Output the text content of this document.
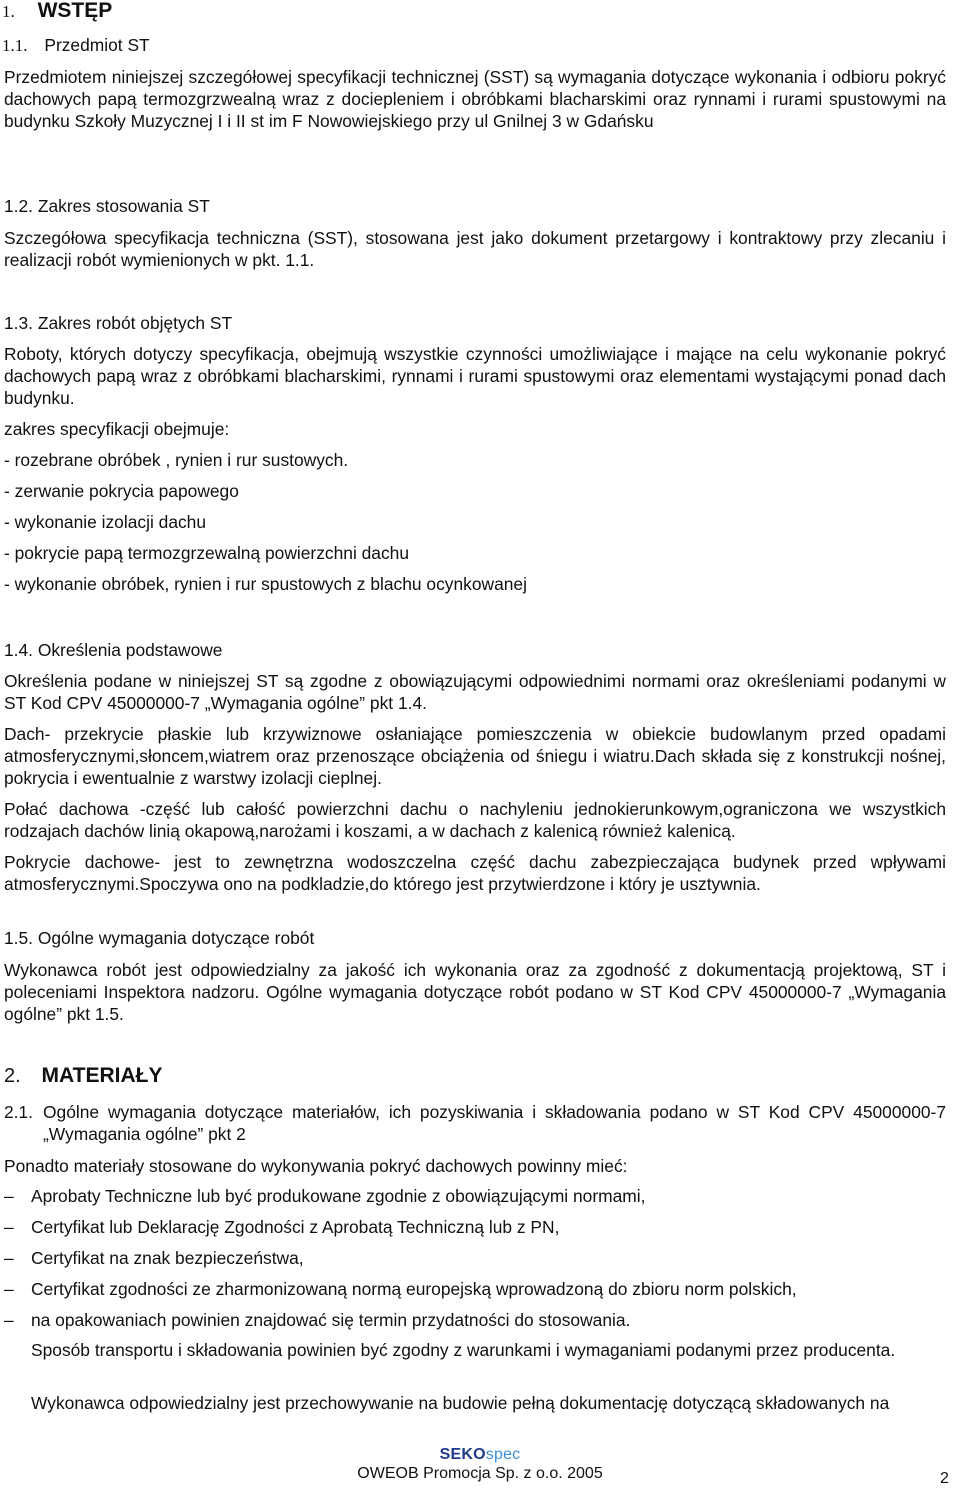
1. WSTĘP
1.1. Przedmiot ST
Przedmiotem niniejszej szczegółowej specyfikacji technicznej (SST) są wymagania dotyczące wykonania i odbioru pokryć dachowych papą termozgrzwealną wraz z dociepleniem i obróbkami blacharskimi oraz rynnami i rurami spustowymi na budynku Szkoły Muzycznej I i II st im F Nowowiejskiego przy ul Gnilnej 3 w Gdańsku
1.2. Zakres stosowania ST
Szczegółowa specyfikacja techniczna (SST), stosowana jest jako dokument przetargowy i kontraktowy przy zlecaniu i realizacji robót wymienionych w pkt. 1.1.
1.3. Zakres robót objętych ST
Roboty, których dotyczy specyfikacja, obejmują wszystkie czynności umożliwiające i mające na celu wykonanie pokryć dachowych papą wraz z obróbkami blacharskimi, rynnami i rurami spustowymi oraz elementami wystającymi ponad dach budynku.
zakres specyfikacji obejmuje:
- rozebrane obróbek , rynien i rur sustowych.
- zerwanie pokrycia papowego
- wykonanie izolacji dachu
- pokrycie papą termozgrzewalną powierzchni dachu
- wykonanie obróbek, rynien i rur spustowych z blachu ocynkowanej
1.4. Określenia podstawowe
Określenia podane w niniejszej ST są zgodne z obowiązującymi odpowiednimi normami oraz określeniami podanymi w ST Kod CPV 45000000-7 „Wymagania ogólne” pkt 1.4.
Dach- przekrycie płaskie lub krzywiznowe osłaniające pomieszczenia w obiekcie budowlanym przed opadami atmosferycznymi,słoncem,wiatrem oraz przenoszące obciążenia od śniegu i wiatru.Dach składa się z konstrukcji nośnej, pokrycia i ewentualnie z warstwy izolacji cieplnej.
Połać dachowa -część lub całość powierzchni dachu o nachyleniu jednokierunkowym,ograniczona we wszystkich rodzajach dachów linią okapową,narożami i koszami, a w dachach z kalenicą również kalenicą.
Pokrycie dachowe- jest to zewnętrzna wodoszczelna część dachu zabezpieczająca budynek przed wpływami atmosferycznymi.Spoczywa ono na podkladzie,do którego jest przytwierdzone i który je usztywnia.
1.5. Ogólne wymagania dotyczące robót
Wykonawca robót jest odpowiedzialny za jakość ich wykonania oraz za zgodność z dokumentacją projektową, ST i poleceniami Inspektora nadzoru. Ogólne wymagania dotyczące robót podano w ST Kod CPV 45000000-7 „Wymagania ogólne” pkt 1.5.
2. MATERIAŁY
2.1. Ogólne wymagania dotyczące materiałów, ich pozyskiwania i składowania podano w ST Kod CPV 45000000-7 „Wymagania ogólne” pkt 2
Ponadto materiały stosowane do wykonywania pokryć dachowych powinny mieć:
– Aprobaty Techniczne lub być produkowane zgodnie z obowiązującymi normami,
– Certyfikat lub Deklarację Zgodności z Aprobatą Techniczną lub z PN,
– Certyfikat na znak bezpieczeństwa,
– Certyfikat zgodności ze zharmonizowaną normą europejską wprowadzoną do zbioru norm polskich,
– na opakowaniach powinien znajdować się termin przydatności do stosowania.
Sposób transportu i składowania powinien być zgodny z warunkami i wymaganiami podanymi przez producenta.
Wykonawca odpowiedzialny jest przechowywanie na budowie pełną dokumentację dotyczącą składowanych na
SEKOspec
OWEOB Promocja Sp. z o.o. 2005	2
